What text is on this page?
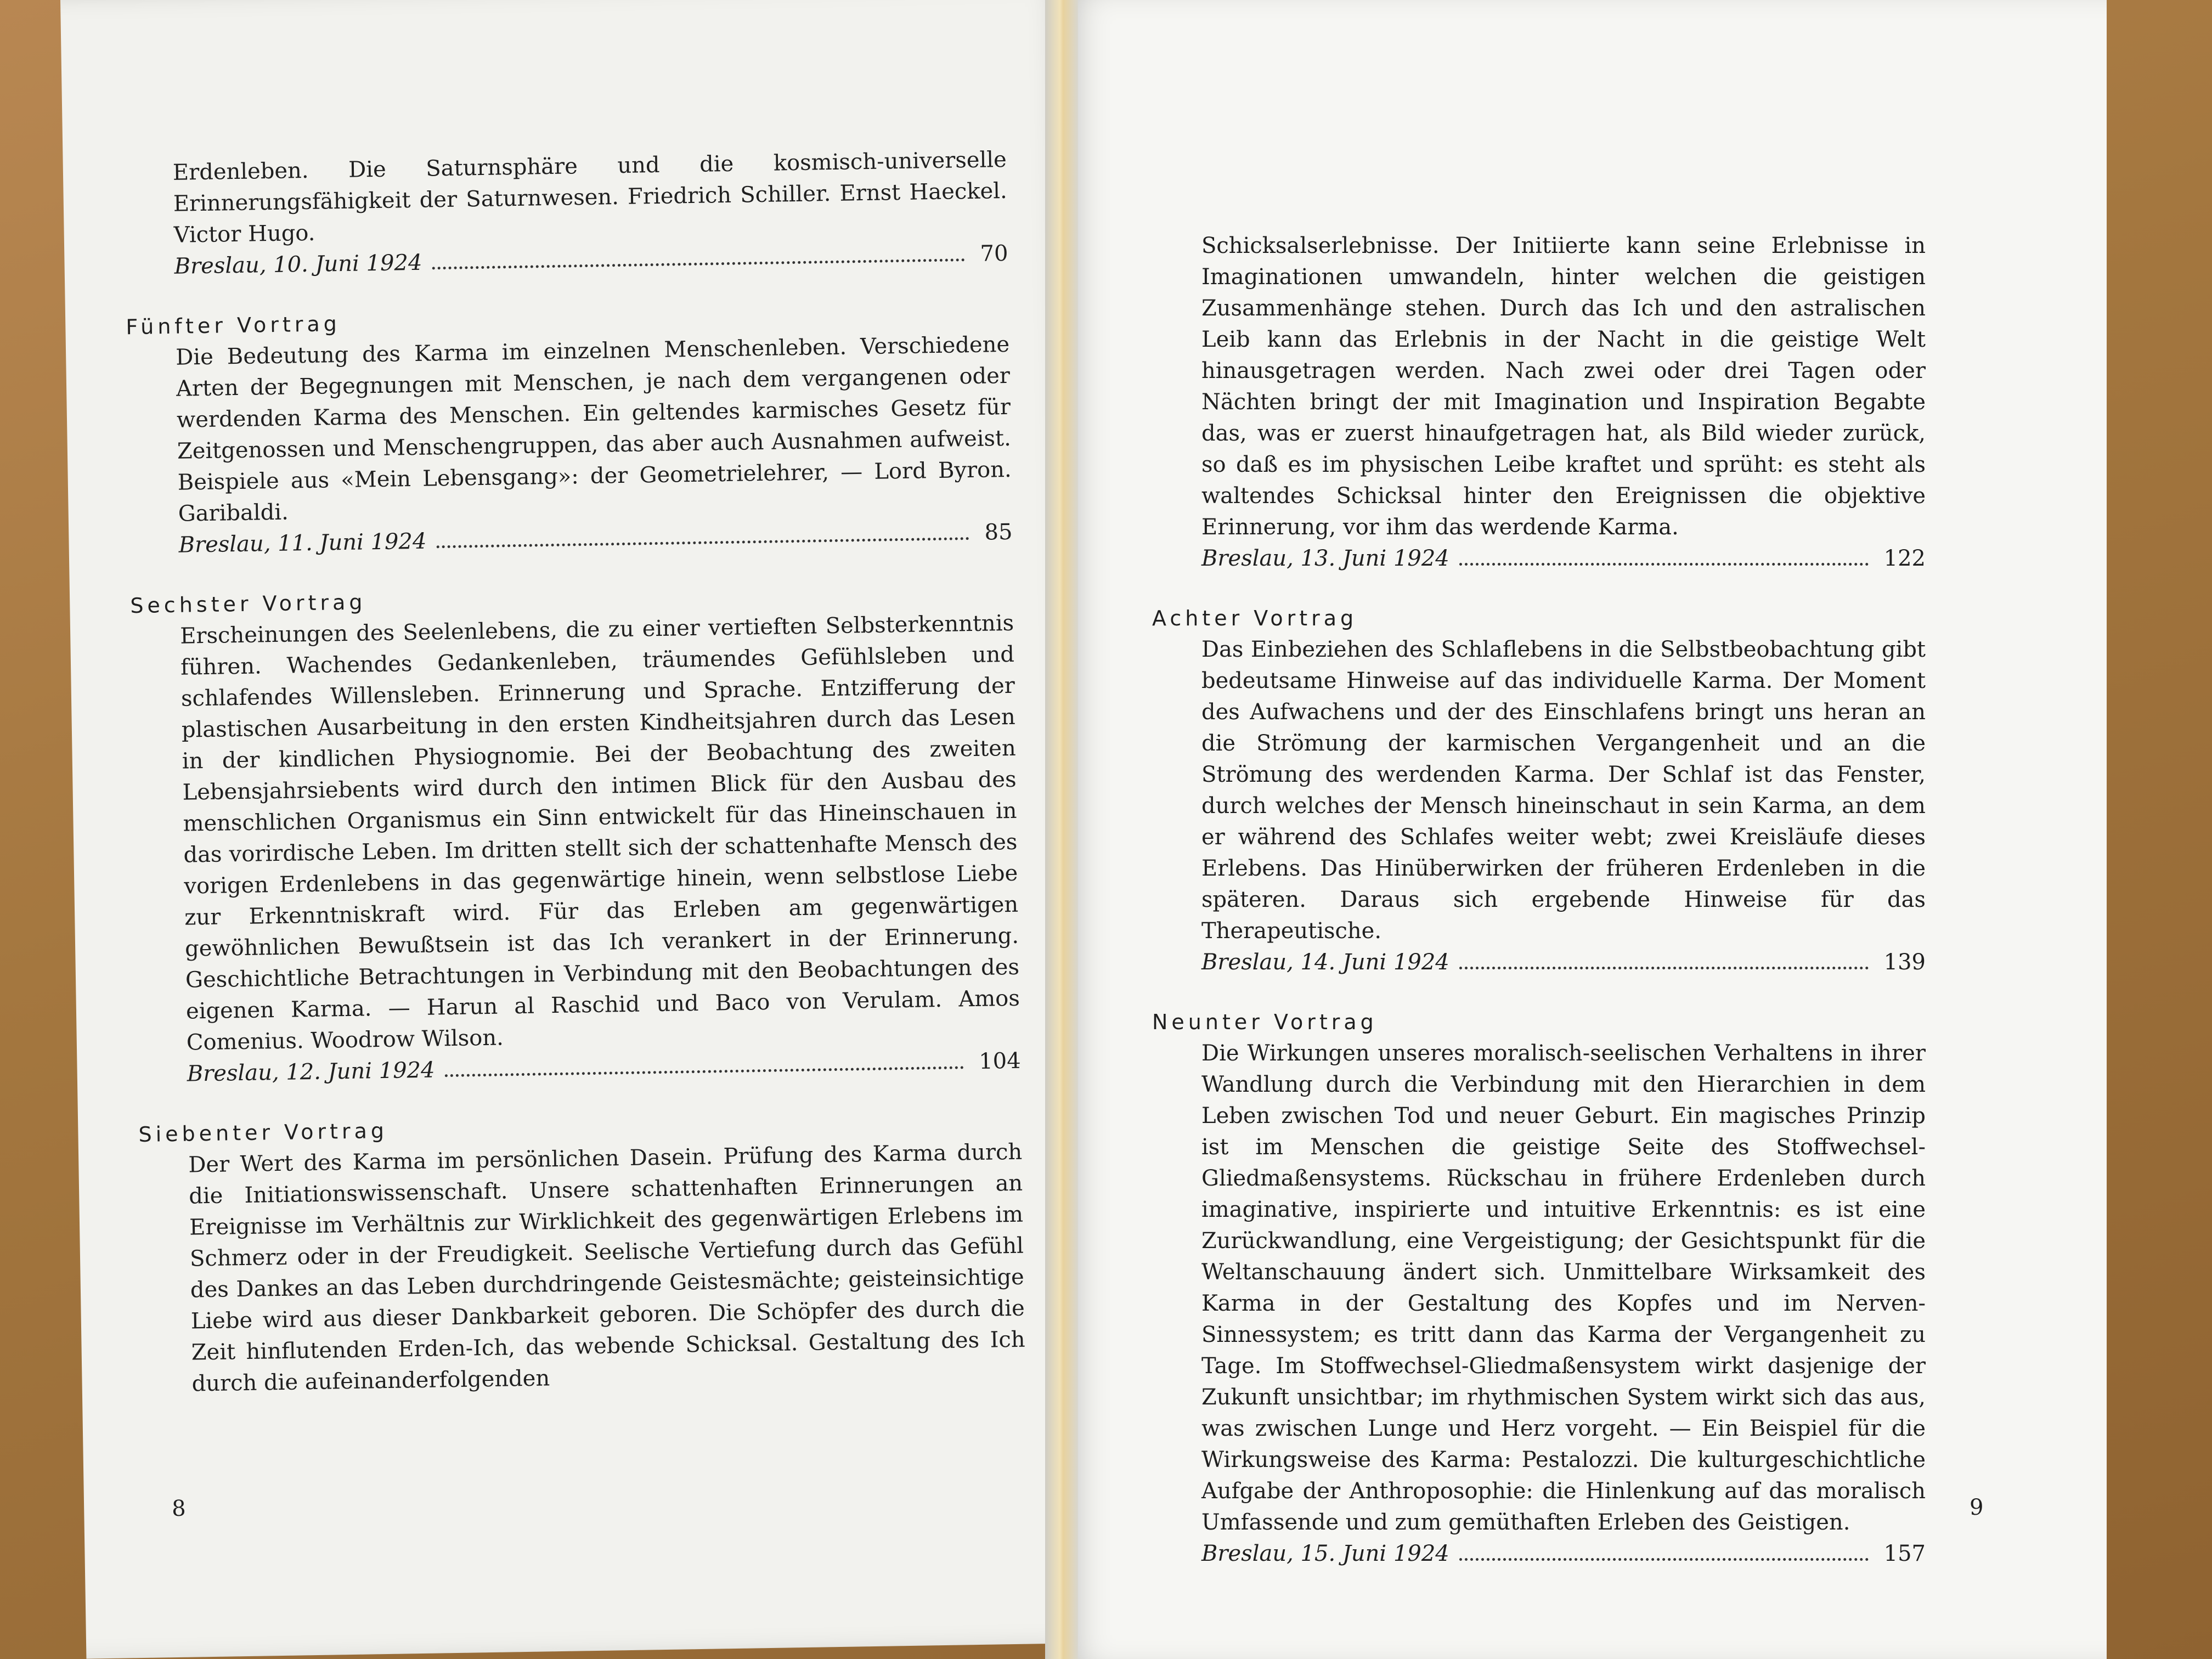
Erdenleben. Die Saturnsphäre und die kosmisch-universelle Erinnerungsfähigkeit der Saturnwesen. Friedrich Schiller. Ernst Haeckel. Victor Hugo.
Breslau, 10. Juni 1924	70
Fünfter Vortrag
Die Bedeutung des Karma im einzelnen Menschenleben. Verschiedene Arten der Begegnungen mit Menschen, je nach dem vergangenen oder werdenden Karma des Menschen. Ein geltendes karmisches Gesetz für Zeitgenossen und Menschengruppen, das aber auch Ausnahmen aufweist. Beispiele aus «Mein Lebensgang»: der Geometrielehrer, — Lord Byron. Garibaldi.
Breslau, 11. Juni 1924	85
Sechster Vortrag
Erscheinungen des Seelenlebens, die zu einer vertieften Selbsterkenntnis führen. Wachendes Gedankenleben, träumendes Gefühlsleben und schlafendes Willensleben. Erinnerung und Sprache. Entzifferung der plastischen Ausarbeitung in den ersten Kindheitsjahren durch das Lesen in der kindlichen Physiognomie. Bei der Beobachtung des zweiten Lebensjahrsiebents wird durch den intimen Blick für den Ausbau des menschlichen Organismus ein Sinn entwickelt für das Hineinschauen in das vorirdische Leben. Im dritten stellt sich der schattenhafte Mensch des vorigen Erdenlebens in das gegenwärtige hinein, wenn selbstlose Liebe zur Erkenntniskraft wird. Für das Erleben am gegenwärtigen gewöhnlichen Bewußtsein ist das Ich verankert in der Erinnerung. Geschichtliche Betrachtungen in Verbindung mit den Beobachtungen des eigenen Karma. — Harun al Raschid und Baco von Verulam. Amos Comenius. Woodrow Wilson.
Breslau, 12. Juni 1924	104
Siebenter Vortrag
Der Wert des Karma im persönlichen Dasein. Prüfung des Karma durch die Initiationswissenschaft. Unsere schattenhaften Erinnerungen an Ereignisse im Verhältnis zur Wirklichkeit des gegenwärtigen Erlebens im Schmerz oder in der Freudigkeit. Seelische Vertiefung durch das Gefühl des Dankes an das Leben durchdringende Geistesmächte; geisteinsichtige Liebe wird aus dieser Dankbarkeit geboren. Die Schöpfer des durch die Zeit hinflutenden Erden-Ich, das webende Schicksal. Gestaltung des Ich durch die aufeinanderfolgenden
8
Schicksalserlebnisse. Der Initiierte kann seine Erlebnisse in Imaginationen umwandeln, hinter welchen die geistigen Zusammenhänge stehen. Durch das Ich und den astralischen Leib kann das Erlebnis in der Nacht in die geistige Welt hinausgetragen werden. Nach zwei oder drei Tagen oder Nächten bringt der mit Imagination und Inspiration Begabte das, was er zuerst hinaufgetragen hat, als Bild wieder zurück, so daß es im physischen Leibe kraftet und sprüht: es steht als waltendes Schicksal hinter den Ereignissen die objektive Erinnerung, vor ihm das werdende Karma.
Breslau, 13. Juni 1924	122
Achter Vortrag
Das Einbeziehen des Schlaflebens in die Selbstbeobachtung gibt bedeutsame Hinweise auf das individuelle Karma. Der Moment des Aufwachens und der des Einschlafens bringt uns heran an die Strömung der karmischen Vergangenheit und an die Strömung des werdenden Karma. Der Schlaf ist das Fenster, durch welches der Mensch hineinschaut in sein Karma, an dem er während des Schlafes weiter webt; zwei Kreisläufe dieses Erlebens. Das Hinüberwirken der früheren Erdenleben in die späteren. Daraus sich ergebende Hinweise für das Therapeutische.
Breslau, 14. Juni 1924	139
Neunter Vortrag
Die Wirkungen unseres moralisch-seelischen Verhaltens in ihrer Wandlung durch die Verbindung mit den Hierarchien in dem Leben zwischen Tod und neuer Geburt. Ein magisches Prinzip ist im Menschen die geistige Seite des Stoffwechsel-Gliedmaßensystems. Rückschau in frühere Erdenleben durch imaginative, inspirierte und intuitive Erkenntnis: es ist eine Zurückwandlung, eine Vergeistigung; der Gesichtspunkt für die Weltanschauung ändert sich. Unmittelbare Wirksamkeit des Karma in der Gestaltung des Kopfes und im Nerven-Sinnessystem; es tritt dann das Karma der Vergangenheit zu Tage. Im Stoffwechsel-Gliedmaßensystem wirkt dasjenige der Zukunft unsichtbar; im rhythmischen System wirkt sich das aus, was zwischen Lunge und Herz vorgeht. — Ein Beispiel für die Wirkungsweise des Karma: Pestalozzi. Die kulturgeschichtliche Aufgabe der Anthroposophie: die Hinlenkung auf das moralisch Umfassende und zum gemüthaften Erleben des Geistigen.
Breslau, 15. Juni 1924	157
9
